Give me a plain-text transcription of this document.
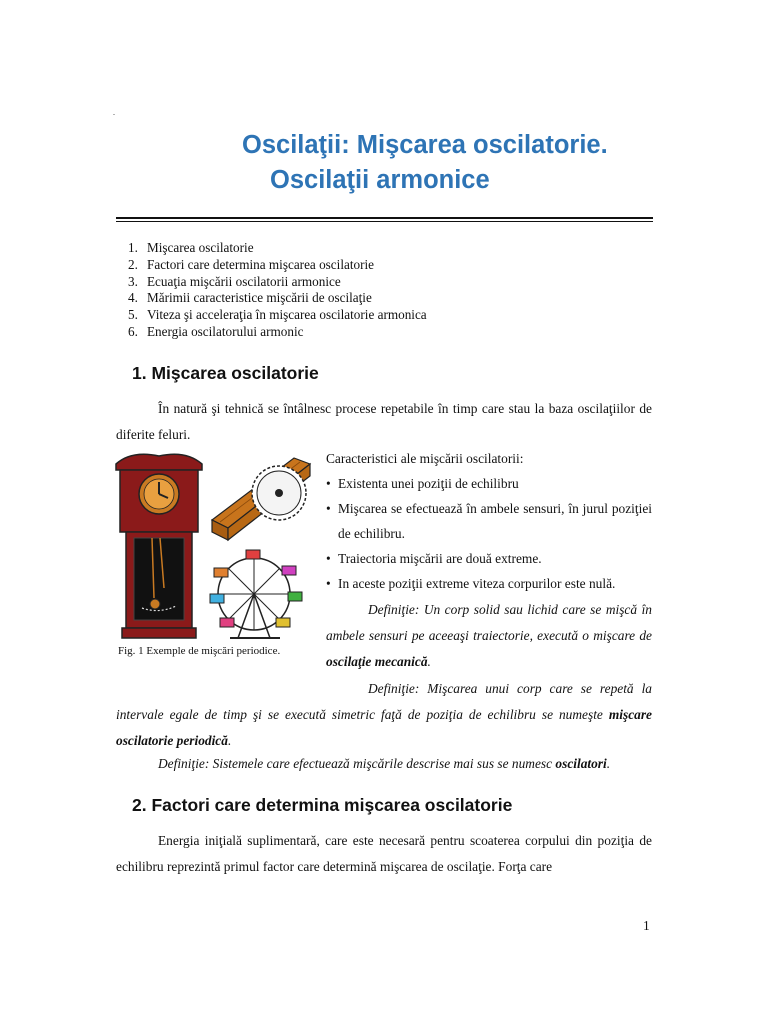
.
Oscilaţii: Mişcarea oscilatorie.
Oscilaţii armonice
1. Mişcarea oscilatorie
2. Factori care determina mişcarea oscilatorie
3. Ecuaţia mişcării oscilatorii armonice
4. Mărimii caracteristice mişcării de oscilaţie
5. Viteza şi acceleraţia în mişcarea oscilatorie armonica
6. Energia oscilatorului armonic
1. Mişcarea oscilatorie

În natură şi tehnică se întâlnesc procese repetabile în timp care stau la baza oscilaţiilor de diferite feluri.

Caracteristici ale mişcării oscilatorii:

• Existenta unei poziţii de echilibru
• Mişcarea se efectuează în ambele sensuri, în jurul poziţiei de echilibru.
• Traiectoria mişcării are două extreme.
• In aceste poziţii extreme viteza corpurilor este nulă.

Definiţie: Un corp solid sau lichid care se mişcă în ambele sensuri pe aceeaşi traiectorie, execută o mişcare de oscilaţie mecanică.

Fig. 1 Exemple de mişcări periodice.

Definiţie: Mişcarea unui corp care se repetă la intervale egale de timp şi se execută simetric faţă de poziţia de echilibru se numeşte mişcare oscilatorie periodică.

Definiţie: Sistemele care efectuează mişcările descrise mai sus se numesc oscilatori.

2. Factori care determina mişcarea oscilatorie

Energia iniţială suplimentară, care este necesară pentru scoaterea corpului din poziţia de echilibru reprezintă primul factor care determină mişcarea de oscilaţie. Forţa care

1
